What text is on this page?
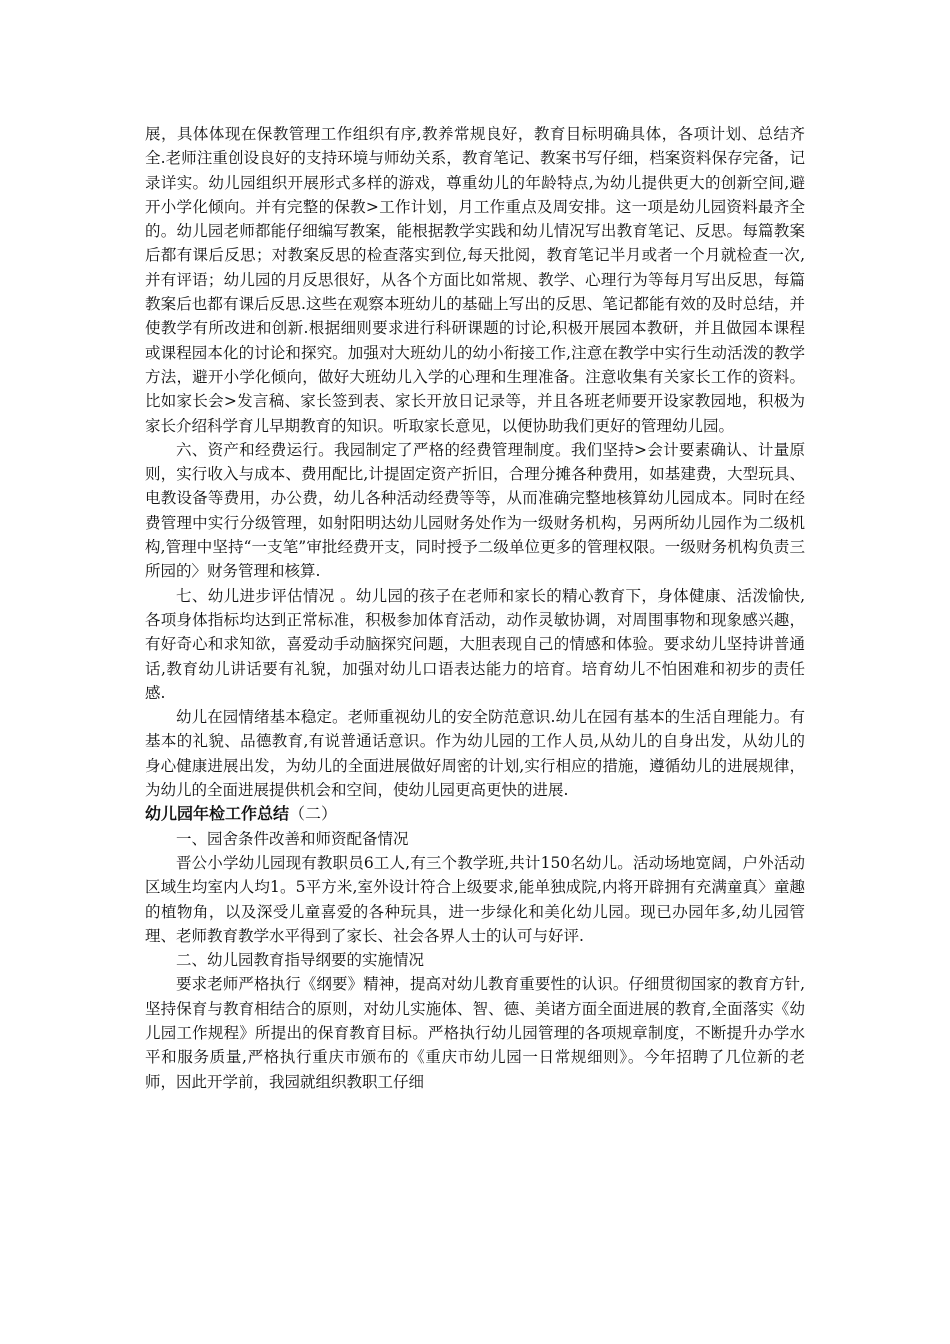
展，具体体现在保教管理工作组织有序,教养常规良好，教育目标明确具体，各项计划、总结齐全.老师注重创设良好的支持环境与师幼关系，教育笔记、教案书写仔细，档案资料保存完备，记录详实。幼儿园组织开展形式多样的游戏，尊重幼儿的年龄特点,为幼儿提供更大的创新空间,避开小学化倾向。并有完整的保教>工作计划，月工作重点及周安排。这一项是幼儿园资料最齐全的。幼儿园老师都能仔细编写教案，能根据教学实践和幼儿情况写出教育笔记、反思。每篇教案后都有课后反思；对教案反思的检查落实到位,每天批阅，教育笔记半月或者一个月就检查一次,并有评语；幼儿园的月反思很好，从各个方面比如常规、教学、心理行为等每月写出反思，每篇教案后也都有课后反思.这些在观察本班幼儿的基础上写出的反思、笔记都能有效的及时总结，并使教学有所改进和创新.根据细则要求进行科研课题的讨论,积极开展园本教研，并且做园本课程或课程园本化的讨论和探究。加强对大班幼儿的幼小衔接工作,注意在教学中实行生动活泼的教学方法，避开小学化倾向，做好大班幼儿入学的心理和生理准备。注意收集有关家长工作的资料。比如家长会>发言稿、家长签到表、家长开放日记录等，并且各班老师要开设家教园地，积极为家长介绍科学育儿早期教育的知识。听取家长意见，以便协助我们更好的管理幼儿园。

六、资产和经费运行。我园制定了严格的经费管理制度。我们坚持>会计要素确认、计量原则，实行收入与成本、费用配比,计提固定资产折旧，合理分摊各种费用，如基建费，大型玩具、电教设备等费用，办公费，幼儿各种活动经费等等，从而准确完整地核算幼儿园成本。同时在经费管理中实行分级管理，如射阳明达幼儿园财务处作为一级财务机构，另两所幼儿园作为二级机构,管理中坚持“一支笔”审批经费开支，同时授予二级单位更多的管理权限。一级财务机构负责三所园的〉财务管理和核算.

七、幼儿进步评估情况 。幼儿园的孩子在老师和家长的精心教育下，身体健康、活泼愉快,各项身体指标均达到正常标准，积极参加体育活动，动作灵敏协调，对周围事物和现象感兴趣，有好奇心和求知欲，喜爱动手动脑探究问题，大胆表现自己的情感和体验。要求幼儿坚持讲普通话,教育幼儿讲话要有礼貌，加强对幼儿口语表达能力的培育。培育幼儿不怕困难和初步的责任感.

幼儿在园情绪基本稳定。老师重视幼儿的安全防范意识.幼儿在园有基本的生活自理能力。有基本的礼貌、品德教育,有说普通话意识。作为幼儿园的工作人员,从幼儿的自身出发，从幼儿的身心健康进展出发，为幼儿的全面进展做好周密的计划,实行相应的措施，遵循幼儿的进展规律，为幼儿的全面进展提供机会和空间，使幼儿园更高更快的进展.

幼儿园年检工作总结（二）

一、园舍条件改善和师资配备情况

晋公小学幼儿园现有教职员6工人,有三个教学班,共计150名幼儿。活动场地宽阔，户外活动区域生均室内人均1。5平方米,室外设计符合上级要求,能单独成院,内将开辟拥有充满童真〉童趣的植物角，以及深受儿童喜爱的各种玩具，进一步绿化和美化幼儿园。现已办园年多,幼儿园管理、老师教育教学水平得到了家长、社会各界人士的认可与好评.

二、幼儿园教育指导纲要的实施情况

要求老师严格执行《纲要》精神，提高对幼儿教育重要性的认识。仔细贯彻国家的教育方针,坚持保育与教育相结合的原则，对幼儿实施体、智、德、美诸方面全面进展的教育,全面落实《幼儿园工作规程》所提出的保育教育目标。严格执行幼儿园管理的各项规章制度，不断提升办学水平和服务质量,严格执行重庆市颁布的《重庆市幼儿园一日常规细则》。今年招聘了几位新的老师，因此开学前，我园就组织教职工仔细
